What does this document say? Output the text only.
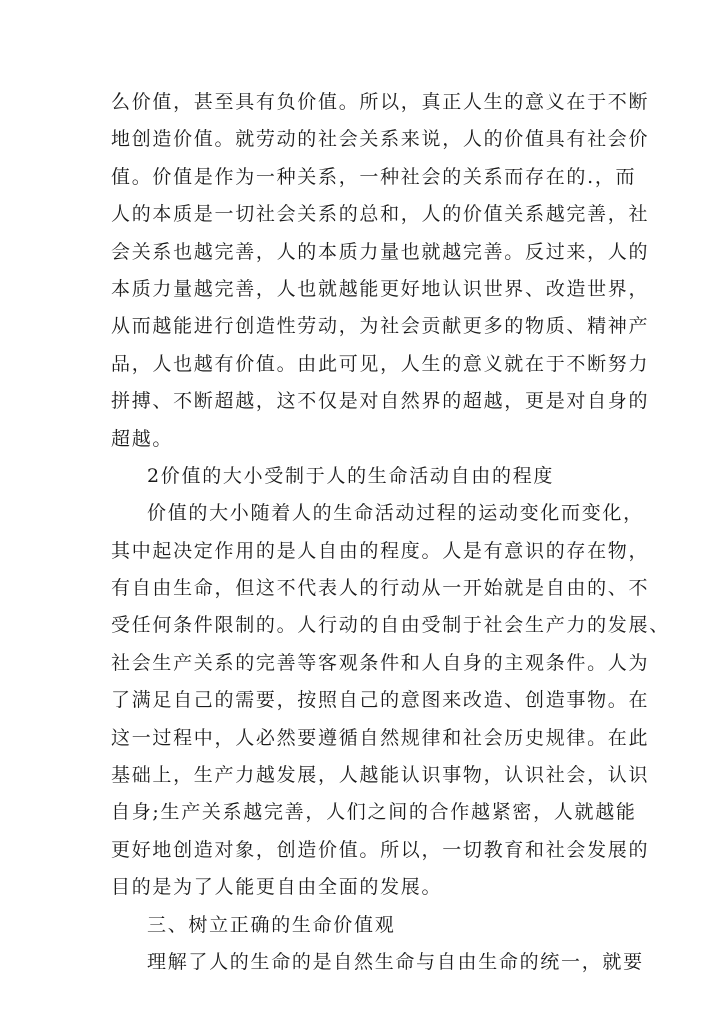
么价值，甚至具有负价值。所以，真正人生的意义在于不断
地创造价值。就劳动的社会关系来说，人的价值具有社会价
值。价值是作为一种关系，一种社会的关系而存在的.，而
人的本质是一切社会关系的总和，人的价值关系越完善，社
会关系也越完善，人的本质力量也就越完善。反过来，人的
本质力量越完善，人也就越能更好地认识世界、改造世界，
从而越能进行创造性劳动，为社会贡献更多的物质、精神产
品，人也越有价值。由此可见，人生的意义就在于不断努力
拼搏、不断超越，这不仅是对自然界的超越，更是对自身的
超越。
2价值的大小受制于人的生命活动自由的程度
价值的大小随着人的生命活动过程的运动变化而变化，
其中起决定作用的是人自由的程度。人是有意识的存在物，
有自由生命，但这不代表人的行动从一开始就是自由的、不
受任何条件限制的。人行动的自由受制于社会生产力的发展、
社会生产关系的完善等客观条件和人自身的主观条件。人为
了满足自己的需要，按照自己的意图来改造、创造事物。在
这一过程中，人必然要遵循自然规律和社会历史规律。在此
基础上，生产力越发展，人越能认识事物，认识社会，认识
自身;生产关系越完善，人们之间的合作越紧密，人就越能
更好地创造对象，创造价值。所以，一切教育和社会发展的
目的是为了人能更自由全面的发展。
三、树立正确的生命价值观
理解了人的生命的是自然生命与自由生命的统一，就要
